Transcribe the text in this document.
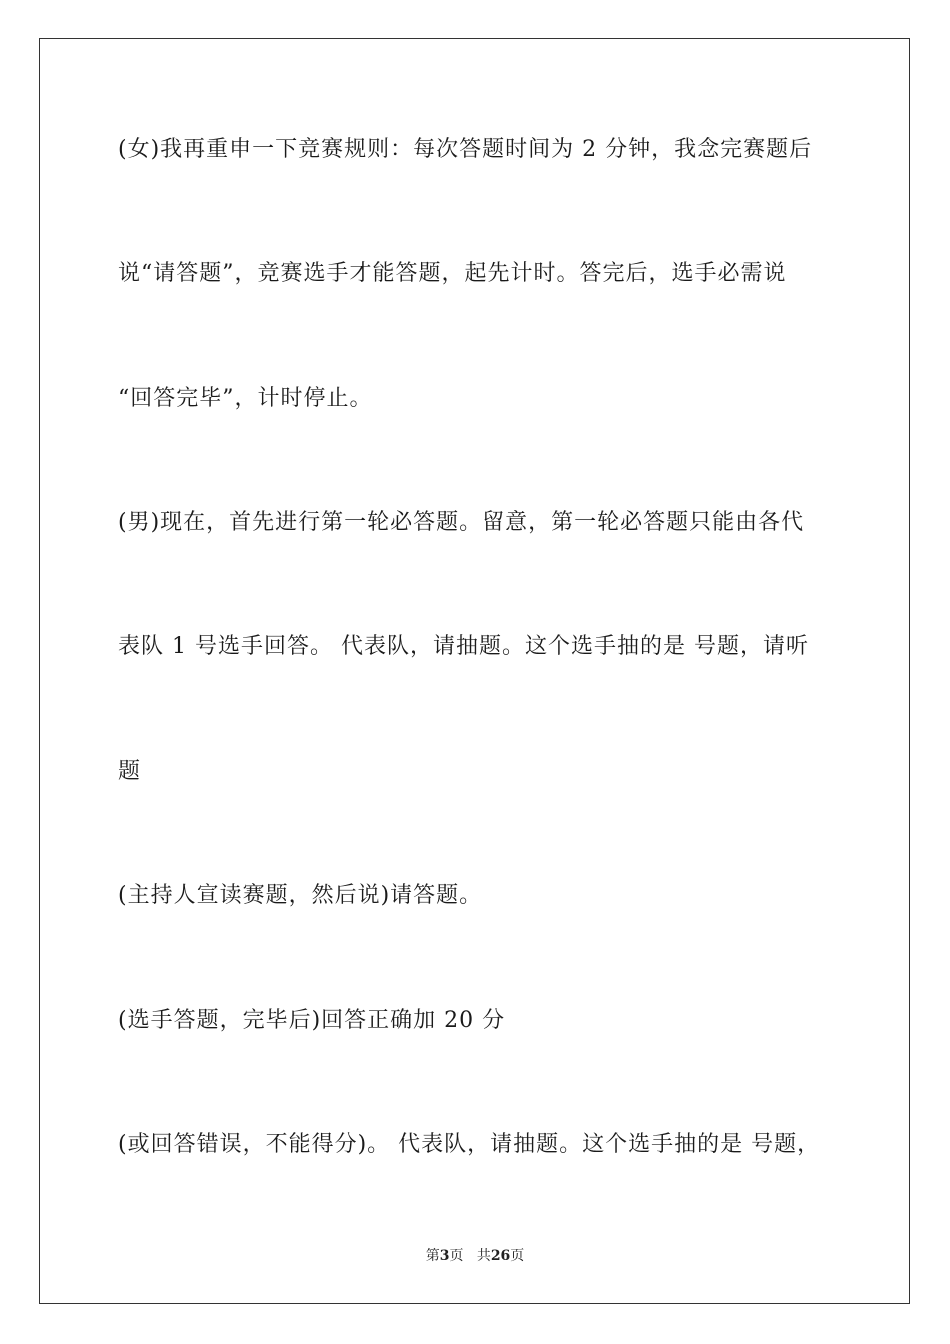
(女)我再重申一下竞赛规则：每次答题时间为 2 分钟，我念完赛题后
说“请答题”，竞赛选手才能答题，起先计时。答完后，选手必需说
“回答完毕”，计时停止。
(男)现在，首先进行第一轮必答题。留意，第一轮必答题只能由各代
表队 1 号选手回答。 代表队，请抽题。这个选手抽的是 号题，请听
题
(主持人宣读赛题，然后说)请答题。
(选手答题，完毕后)回答正确加 20 分
(或回答错误，不能得分)。 代表队，请抽题。这个选手抽的是 号题，
第3页 共26页
